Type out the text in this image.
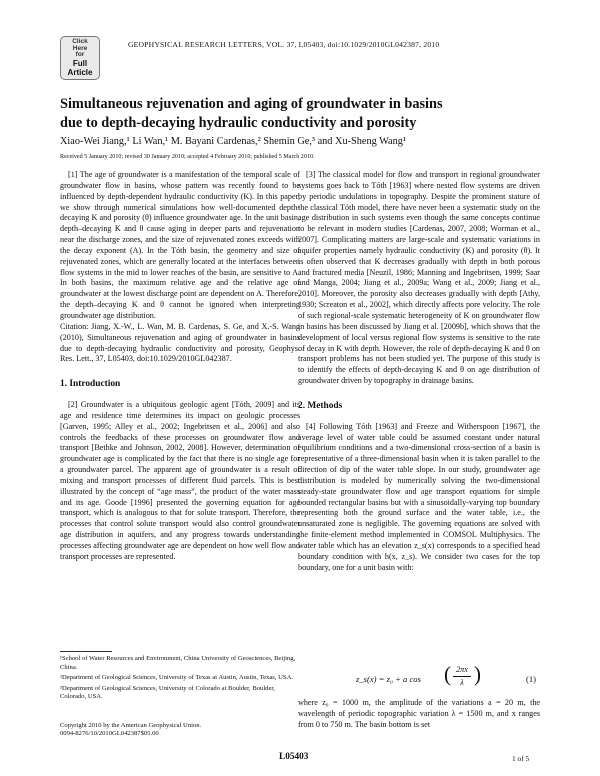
Click
Here
for
Full
Article
GEOPHYSICAL RESEARCH LETTERS, VOL. 37, L05403, doi:10.1029/2010GL042387, 2010
Simultaneous rejuvenation and aging of groundwater in basins
due to depth-decaying hydraulic conductivity and porosity
Xiao-Wei Jiang,¹ Li Wan,¹ M. Bayani Cardenas,² Shemin Ge,³ and Xu-Sheng Wang¹
Received 5 January 2010; revised 30 January 2010; accepted 4 February 2010; published 5 March 2010.

[1] The age of groundwater is a manifestation of the temporal scale of groundwater flow in basins, whose pattern was recently found to be influenced by depth-dependent hydraulic conductivity (K). In this paper, we show through numerical simulations how well-documented depth-decaying K and porosity (θ) influence groundwater age. In the unit basin, depth–decaying K and θ cause aging in deeper parts and rejuvenation near the discharge zones, and the size of rejuvenated zones exceeds with the decay exponent (A). In the Tóth basin, the geometry and size of rejuvenated zones, which are generally located at the interfaces between flow systems in the mid to lower reaches of the basin, are sensitive to A. In both basins, the maximum relative age and the relative age of groundwater at the lowest discharge point are dependent on A. Therefore, the depth–decaying K and θ cannot be ignored when interpreting groundwater age distribution.

Citation: Jiang, X.-W., L. Wan, M. B. Cardenas, S. Ge, and X.-S. Wang (2010), Simultaneous rejuvenation and aging of groundwater in basins due to depth-decaying hydraulic conductivity and porosity, Geophys. Res. Lett., 37, L05403, doi:10.1029/2010GL042387.

1. Introduction

[2] Groundwater is a ubiquitous geologic agent [Tóth, 2009] and its age and residence time determines its impact on geologic processes [Garven, 1995; Alley et al., 2002; Ingebritsen et al., 2006] and also controls the feedbacks of these processes on groundwater flow and transport [Bethke and Johnson, 2002, 2008]. However, determination of groundwater age is complicated by the fact that there is no single age for a groundwater parcel. The apparent age of groundwater is a result of mixing and transport processes of different fluid parcels. This is best illustrated by the concept of “age mass”, the product of the water mass and its age. Goode [1996] presented the governing equation for age transport, which is analogous to that for solute transport. Therefore, the processes that control solute transport would also control groundwater age distribution in aquifers, and any progress towards understanding processes affecting groundwater age are dependent on how well flow and transport processes are represented.

[3] The classical model for flow and transport in regional groundwater systems goes back to Tóth [1963] where nested flow systems are driven by periodic undulations in topography. Despite the prominent stature of the classical Tóth model, there have never been a systematic study on the age distribution in such systems even though the same concepts continue to be relevant in modern studies [Cardenas, 2007, 2008; Worman et al., 2007]. Complicating matters are large-scale and systematic variations in aquifer properties namely hydraulic conductivity (K) and porosity (θ). It is often observed that K decreases gradually with depth in both porous and fractured media [Neuzil, 1986; Manning and Ingebritsen, 1999; Saar and Manga, 2004; Jiang et al., 2009a; Wang et al., 2009; Jiang et al., 2010]. Moreover, the porosity also decreases gradually with depth [Athy, 1930; Screaton et al., 2002], which directly affects pore velocity. The role of such regional-scale systematic heterogeneity of K on groundwater flow in basins has been discussed by Jiang et al. [2009b], which shows that the development of local versus regional flow systems is sensitive to the rate of decay in K with depth. However, the role of depth-decaying K and θ on transport problems has not been studied yet. The purpose of this study is to identify the effects of depth-decaying K and θ on age distribution of groundwater driven by topography in drainage basins.

2. Methods

[4] Following Tóth [1963] and Freeze and Witherspoon [1967], the average level of water table could be assumed constant under natural equilibrium conditions and a two-dimensional cross-section of a basin is representative of a three-dimensional basin when it is taken parallel to the direction of dip of the water table slope. In our study, groundwater age distribution is modeled by numerically solving the two-dimensional steady-state groundwater flow and age transport equations for simple bounded rectangular basins but with a sinusoidally-varying top boundary representing both the ground surface and the water table, i.e., the unsaturated zone is negligible. The governing equations are solved with the finite-element method implemented in COMSOL Multiphysics. The water table which has an elevation z_s(x) corresponds to a specified head boundary condition with h(x, z_s). We consider two cases for the top boundary, one for a unit basin with:

¹School of Water Resources and Environment, China University of Geosciences, Beijing, China.
²Department of Geological Sciences, University of Texas at Austin, Austin, Texas, USA.
³Department of Geological Sciences, University of Colorado at Boulder, Boulder, Colorado, USA.
Copyright 2010 by the American Geophysical Union.
0094-8276/10/2010GL042387$05.00
z_s(x) = z₀ + a cos ( $\frac{2\pi x}{\lambda}$ )	(1)
where z₀ = 1000 m, the amplitude of the variations a = 20 m, the wavelength of periodic topographic variation λ = 1500 m, and x ranges from 0 to 750 m. The basin bottom is set
L05403	1 of 5
